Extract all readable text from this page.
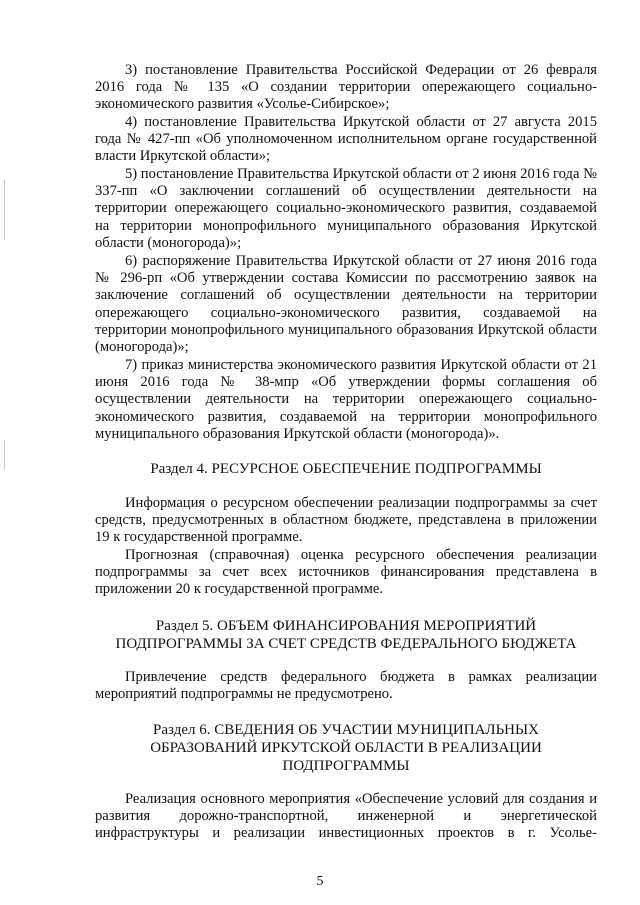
3) постановление Правительства Российской Федерации от 26 февраля 2016 года № 135 «О создании территории опережающего социально-экономического развития «Усолье-Сибирское»;

4) постановление Правительства Иркутской области от 27 августа 2015 года № 427-пп «Об уполномоченном исполнительном органе государственной власти Иркутской области»;

5) постановление Правительства Иркутской области от 2 июня 2016 года № 337-пп «О заключении соглашений об осуществлении деятельности на территории опережающего социально-экономического развития, создаваемой на территории монопрофильного муниципального образования Иркутской области (моногорода)»;

6) распоряжение Правительства Иркутской области от 27 июня 2016 года № 296-рп «Об утверждении состава Комиссии по рассмотрению заявок на заключение соглашений об осуществлении деятельности на территории опережающего социально-экономического развития, создаваемой на территории монопрофильного муниципального образования Иркутской области (моногорода)»;

7) приказ министерства экономического развития Иркутской области от 21 июня 2016 года № 38-мпр «Об утверждении формы соглашения об осуществлении деятельности на территории опережающего социально-экономического развития, создаваемой на территории монопрофильного муниципального образования Иркутской области (моногорода)».

Раздел 4. РЕСУРСНОЕ ОБЕСПЕЧЕНИЕ ПОДПРОГРАММЫ

Информация о ресурсном обеспечении реализации подпрограммы за счет средств, предусмотренных в областном бюджете, представлена в приложении 19 к государственной программе.

Прогнозная (справочная) оценка ресурсного обеспечения реализации подпрограммы за счет всех источников финансирования представлена в приложении 20 к государственной программе.

Раздел 5. ОБЪЕМ ФИНАНСИРОВАНИЯ МЕРОПРИЯТИЙ

ПОДПРОГРАММЫ ЗА СЧЕТ СРЕДСТВ ФЕДЕРАЛЬНОГО БЮДЖЕТА

Привлечение средств федерального бюджета в рамках реализации мероприятий подпрограммы не предусмотрено.

Раздел 6. СВЕДЕНИЯ ОБ УЧАСТИИ МУНИЦИПАЛЬНЫХ

ОБРАЗОВАНИЙ ИРКУТСКОЙ ОБЛАСТИ В РЕАЛИЗАЦИИ

ПОДПРОГРАММЫ

Реализация основного мероприятия «Обеспечение условий для создания и развития дорожно-транспортной, инженерной и энергетической инфраструктуры и реализации инвестиционных проектов в г. Усолье-

5
